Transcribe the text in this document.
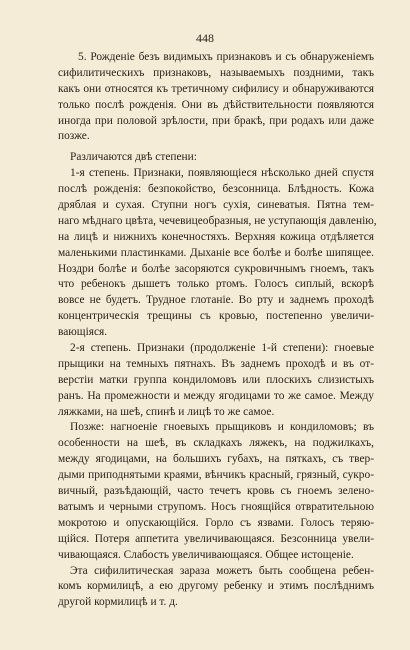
448
5. Рожденіе безъ видимыхъ признаковъ и съ обнаруженіемъ
сифилитическихъ признаковъ, называемыхъ поздними, такъ
какъ они относятся къ третичному сифилису и обнаруживаются
только послѣ рожденія. Они въ дѣйствительности появляются
иногда при половой зрѣлости, при бракѣ, при родахъ или даже
позже.
Различаются двѣ степени:
1-я степень. Признаки, появляющіеся нѣсколько дней спустя
послѣ рожденія: безпокойство, безсонница. Блѣдность. Кожа
дряблая и сухая. Ступни ногъ сухія, синеватыя. Пятна тем-
наго мѣднаго цвѣта, чечевицеобразныя, не уступающія давленію,
на лицѣ и нижнихъ конечностяхъ. Верхняя кожица отдѣляется
маленькими пластинками. Дыханіе все болѣе и болѣе шипящее.
Ноздри болѣе и болѣе засоряются сукровичнымъ гноемъ, такъ
что ребенокъ дышетъ только ртомъ. Голосъ сиплый, вскорѣ
вовсе не будетъ. Трудное глотаніе. Во рту и заднемъ проходѣ
концентрическія трещины съ кровью, постепенно увеличи-
вающіяся.
2-я степень. Признаки (продолженіе 1-й степени): гноевые
прыщики на темныхъ пятнахъ. Въ заднемъ проходѣ и въ от-
верстіи матки группа кондиломовъ или плоскихъ слизистыхъ
ранъ. На промежности и между ягодицами то же самое. Между
ляжками, на шеѣ, спинѣ и лицѣ то же самое.
Позже: нагноеніе гноевыхъ прыщиковъ и кондиломовъ; въ
особенности на шеѣ, въ складкахъ ляжекъ, на поджилкахъ,
между ягодицами, на большихъ губахъ, на пяткахъ, съ твер-
дыми приподнятыми краями, вѣнчикъ красный, грязный, сукро-
вичный, разъѣдающій, часто течетъ кровь съ гноемъ зелено-
ватымъ и черными струпомъ. Носъ гноящійся отвратительною
мокротою и опускающійся. Горло съ язвами. Голосъ теряю-
щійся. Потеря аппетита увеличивающаяся. Безсонница увели-
чивающаяся. Слабость увеличивающаяся. Общее истощеніе.
Эта сифилитическая зараза можетъ быть сообщена ребен-
комъ кормилицѣ, а ею другому ребенку и этимъ послѣднимъ
другой кормилицѣ и т. д.
